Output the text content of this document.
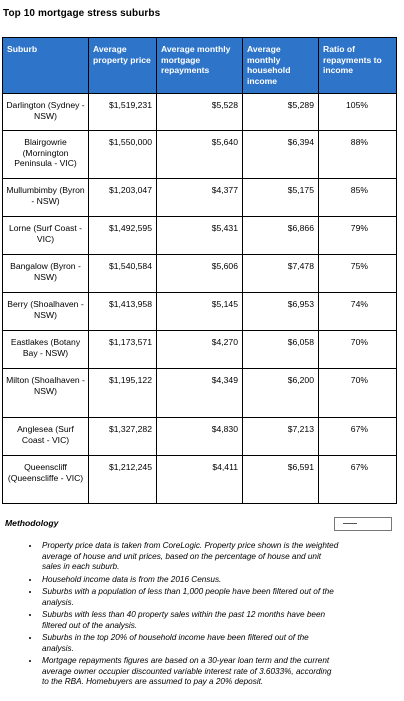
Top 10 mortgage stress suburbs
Suburb	Average property price	Average monthly mortgage repayments	Average monthly household income	Ratio of repayments to income
Darlington (Sydney - NSW)	$1,519,231	$5,528	$5,289	105%
Blairgowrie (Mornington Peninsula - VIC)	$1,550,000	$5,640	$6,394	88%
Mullumbimby (Byron - NSW)	$1,203,047	$4,377	$5,175	85%
Lorne (Surf Coast - VIC)	$1,492,595	$5,431	$6,866	79%
Bangalow (Byron - NSW)	$1,540,584	$5,606	$7,478	75%
Berry (Shoalhaven - NSW)	$1,413,958	$5,145	$6,953	74%
Eastlakes (Botany Bay - NSW)	$1,173,571	$4,270	$6,058	70%
Milton (Shoalhaven - NSW)	$1,195,122	$4,349	$6,200	70%
Anglesea (Surf Coast - VIC)	$1,327,282	$4,830	$7,213	67%
Queenscliff (Queenscliffe - VIC)	$1,212,245	$4,411	$6,591	67%
Methodology
• Property price data is taken from CoreLogic. Property price shown is the weighted average of house and unit prices, based on the percentage of house and unit sales in each suburb.
• Household income data is from the 2016 Census.
• Suburbs with a population of less than 1,000 people have been filtered out of the analysis.
• Suburbs with less than 40 property sales within the past 12 months have been filtered out of the analysis.
• Suburbs in the top 20% of household income have been filtered out of the analysis.
• Mortgage repayments figures are based on a 30-year loan term and the current average owner occupier discounted variable interest rate of 3.6033%, according to the RBA. Homebuyers are assumed to pay a 20% deposit.
